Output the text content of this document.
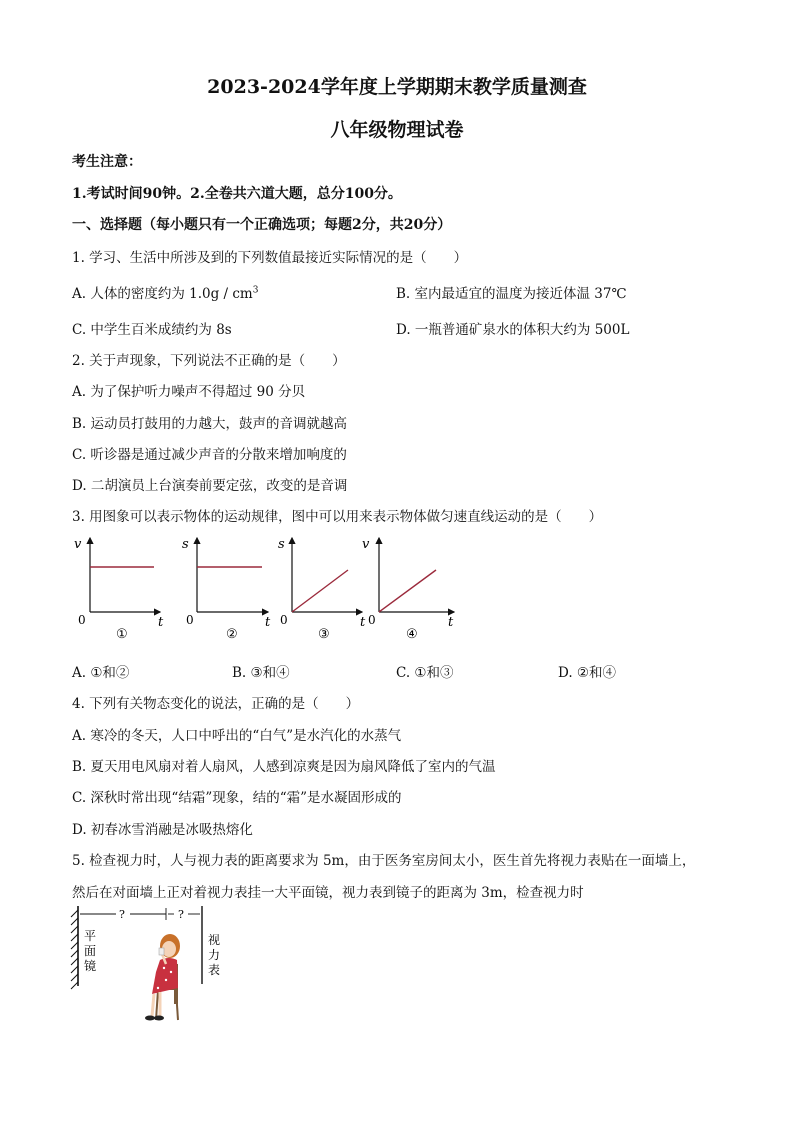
2023-2024学年度上学期期末教学质量测查
八年级物理试卷
考生注意：
1.考试时间90钟。2.全卷共六道大题，总分100分。
一、选择题（每小题只有一个正确选项；每题2分，共20分）
1. 学习、生活中所涉及到的下列数值最接近实际情况的是（　　）
A. 人体的密度约为 $1.0g / cm^3$	B. 室内最适宜的温度为接近体温 37℃
C. 中学生百米成绩约为 8s	D. 一瓶普通矿泉水的体积大约为 500L
2. 关于声现象，下列说法不正确的是（　　）
A. 为了保护听力噪声不得超过 90 分贝
B. 运动员打鼓用的力越大，鼓声的音调就越高
C. 听诊器是通过减少声音的分散来增加响度的
D. 二胡演员上台演奏前要定弦，改变的是音调
3. 用图象可以表示物体的运动规律，图中可以用来表示物体做匀速直线运动的是（　　）
v
0	t
①
s
0	t
②
s
0	t
③
v
0	t
④
A. ①和②	B. ③和④	C. ①和③	D. ②和④
4. 下列有关物态变化的说法，正确的是（　　）
A. 寒冷的冬天，人口中呼出的“白气”是水汽化的水蒸气
B. 夏天用电风扇对着人扇风，人感到凉爽是因为扇风降低了室内的气温
C. 深秋时常出现“结霜”现象，结的“霜”是水凝固形成的
D. 初春冰雪消融是冰吸热熔化
5. 检查视力时，人与视力表的距离要求为 5m，由于医务室房间太小，医生首先将视力表贴在一面墙上，
然后在对面墙上正对着视力表挂一大平面镜，视力表到镜子的距离为 3m，检查视力时
?	?
平
面
镜
视
力
表
